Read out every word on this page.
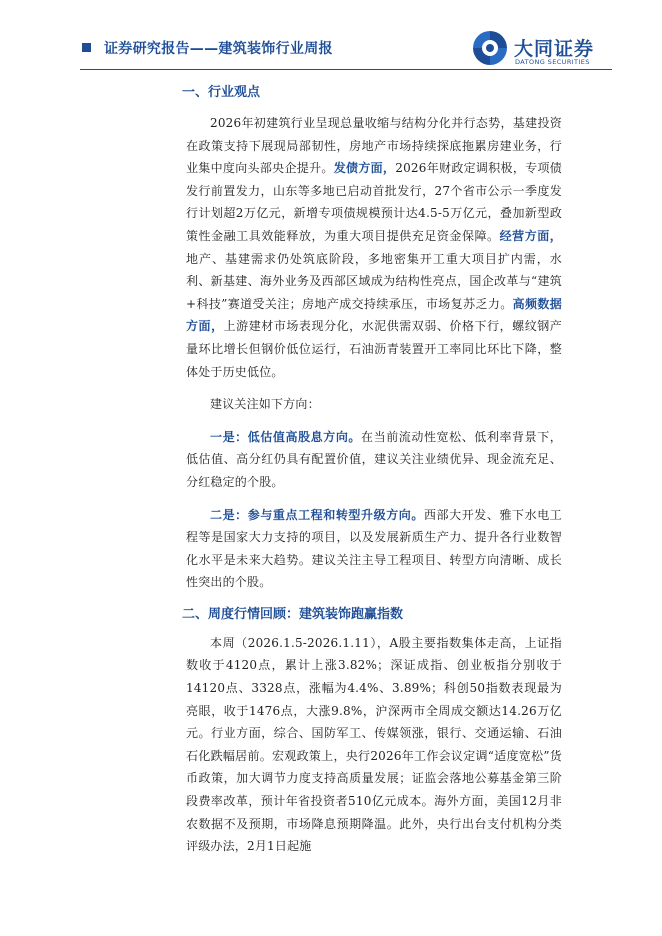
证券研究报告——建筑装饰行业周报	大同证券
DATONG SECURITIES
一、行业观点

2026年初建筑行业呈现总量收缩与结构分化并行态势，基建投资在政策支持下展现局部韧性，房地产市场持续探底拖累房建业务，行业集中度向头部央企提升。发债方面，2026年财政定调积极，专项债发行前置发力，山东等多地已启动首批发行，27个省市公示一季度发行计划超2万亿元，新增专项债规模预计达4.5-5万亿元，叠加新型政策性金融工具效能释放，为重大项目提供充足资金保障。经营方面，地产、基建需求仍处筑底阶段，多地密集开工重大项目扩内需，水利、新基建、海外业务及西部区域成为结构性亮点，国企改革与“建筑+科技”赛道受关注；房地产成交持续承压，市场复苏乏力。高频数据方面，上游建材市场表现分化，水泥供需双弱、价格下行，螺纹钢产量环比增长但钢价低位运行，石油沥青装置开工率同比环比下降，整体处于历史低位。

建议关注如下方向：

一是：低估值高股息方向。在当前流动性宽松、低利率背景下，低估值、高分红仍具有配置价值，建议关注业绩优异、现金流充足、分红稳定的个股。

二是：参与重点工程和转型升级方向。西部大开发、雅下水电工程等是国家大力支持的项目，以及发展新质生产力、提升各行业数智化水平是未来大趋势。建议关注主导工程项目、转型方向清晰、成长性突出的个股。

二、周度行情回顾：建筑装饰跑赢指数

本周（2026.1.5-2026.1.11），A股主要指数集体走高，上证指数收于4120点，累计上涨3.82%；深证成指、创业板指分别收于14120点、3328点，涨幅为4.4%、3.89%；科创50指数表现最为亮眼，收于1476点，大涨9.8%，沪深两市全周成交额达14.26万亿元。行业方面，综合、国防军工、传媒领涨，银行、交通运输、石油石化跌幅居前。宏观政策上，央行2026年工作会议定调“适度宽松”货币政策，加大调节力度支持高质量发展；证监会落地公募基金第三阶段费率改革，预计年省投资者510亿元成本。海外方面，美国12月非农数据不及预期，市场降息预期降温。此外，央行出台支付机构分类评级办法，2月1日起施
